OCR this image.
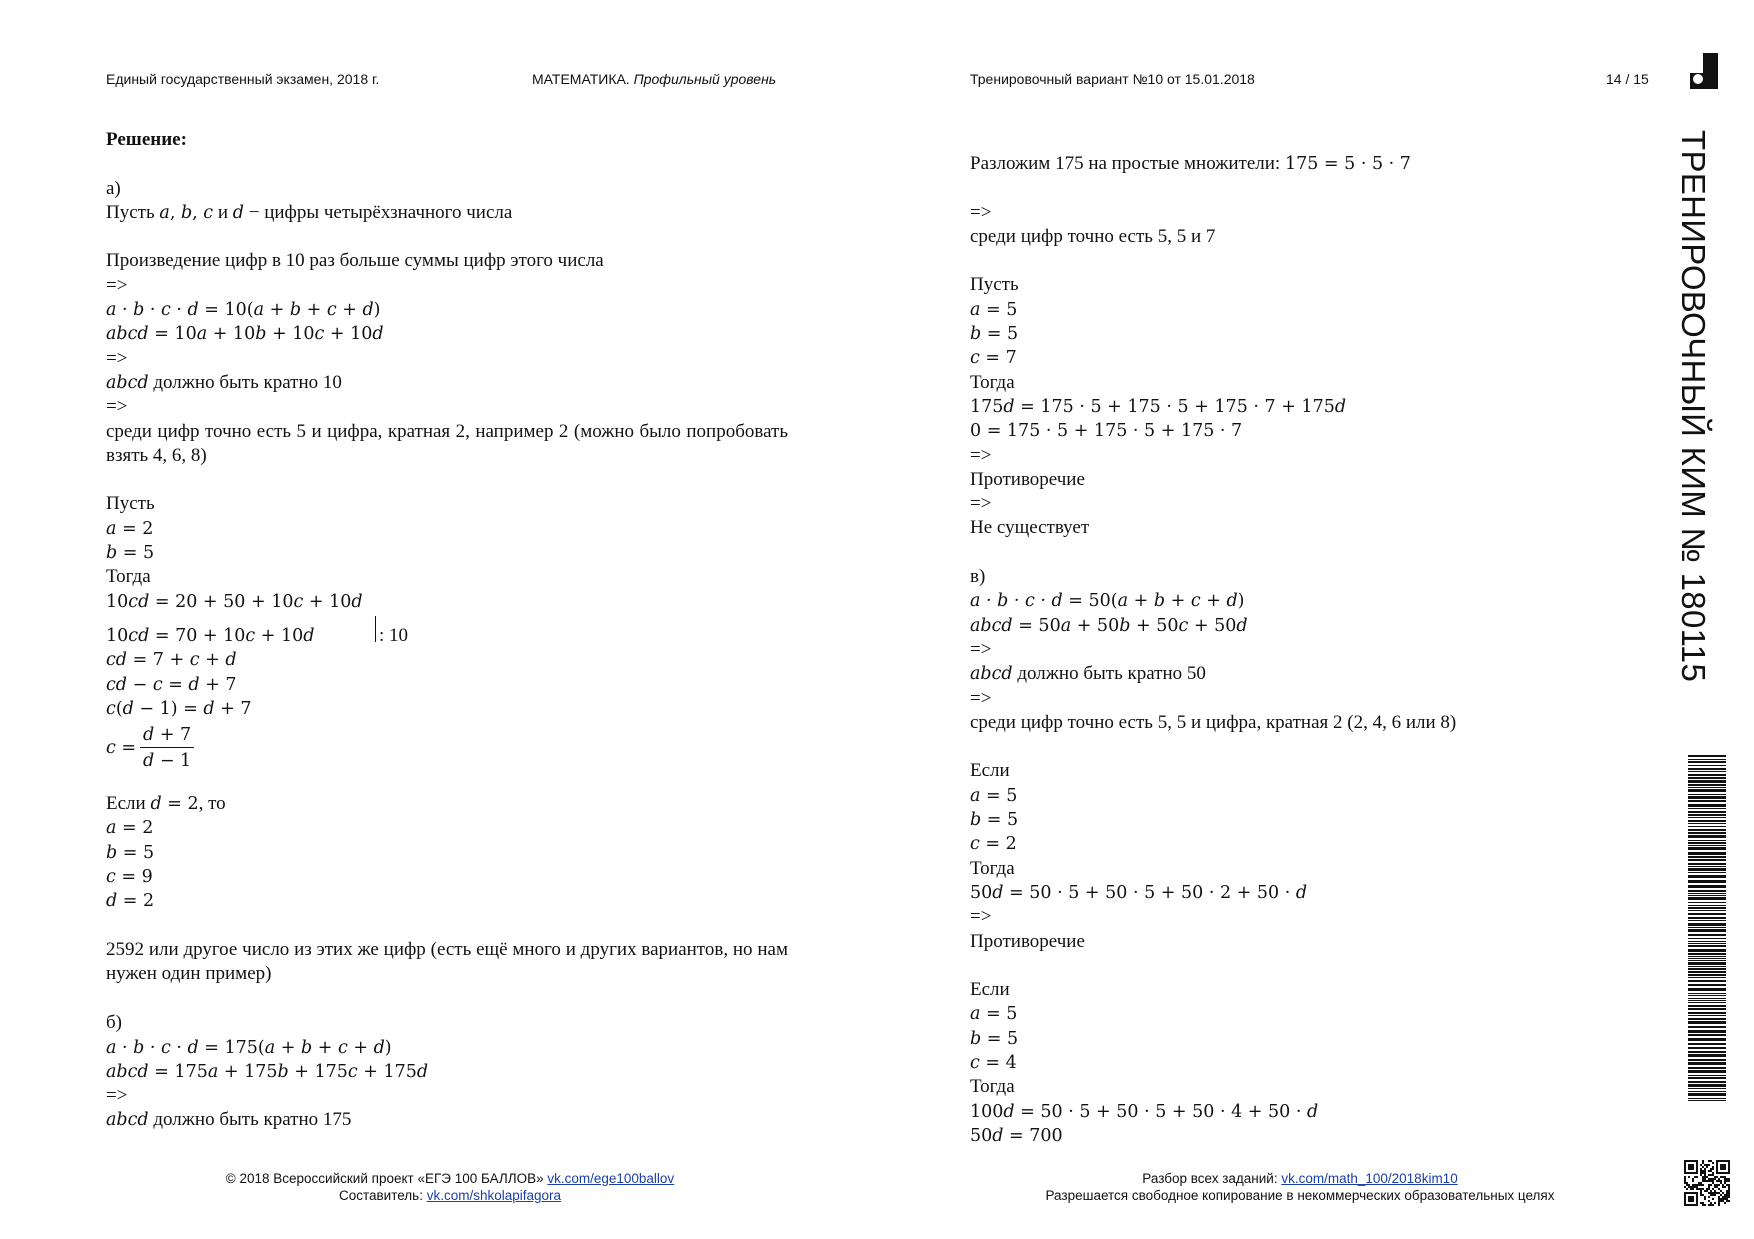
Единый государственный экзамен, 2018 г.	МАТЕМАТИКА. Профильный уровень	Тренировочный вариант №10 от 15.01.2018	14 / 15
ТРЕНИРОВОЧНЫЙ КИМ № 180115
Решение:
а)
Пусть a, b, c и d − цифры четырёхзначного числа
Произведение цифр в 10 раз больше суммы цифр этого числа
=>
a · b · c · d = 10(a + b + c + d)
abcd = 10a + 10b + 10c + 10d
=>
abcd должно быть кратно 10
=>
среди цифр точно есть 5 и цифра, кратная 2, например 2 (можно было попробовать взять 4, 6, 8)
Пусть
a = 2
b = 5
Тогда
10cd = 20 + 50 + 10c + 10d
10cd = 70 + 10c + 10d	: 10
cd = 7 + c + d
cd − c = d + 7
c(d − 1) = d + 7
$c = \frac{d + 7}{d - 1}$
Если d = 2, то
a = 2
b = 5
c = 9
d = 2
2592 или другое число из этих же цифр (есть ещё много и других вариантов, но нам нужен один пример)
б)
a · b · c · d = 175(a + b + c + d)
abcd = 175a + 175b + 175c + 175d
=>
abcd должно быть кратно 175
Разложим 175 на простые множители: 175 = 5 · 5 · 7
=>
среди цифр точно есть 5, 5 и 7
Пусть
a = 5
b = 5
c = 7
Тогда
175d = 175 · 5 + 175 · 5 + 175 · 7 + 175d
0 = 175 · 5 + 175 · 5 + 175 · 7
=>
Противоречие
=>
Не существует
в)
a · b · c · d = 50(a + b + c + d)
abcd = 50a + 50b + 50c + 50d
=>
abcd должно быть кратно 50
=>
среди цифр точно есть 5, 5 и цифра, кратная 2 (2, 4, 6 или 8)
Если
a = 5
b = 5
c = 2
Тогда
50d = 50 · 5 + 50 · 5 + 50 · 2 + 50 · d
=>
Противоречие
Если
a = 5
b = 5
c = 4
Тогда
100d = 50 · 5 + 50 · 5 + 50 · 4 + 50 · d
50d = 700
© 2018 Всероссийский проект «ЕГЭ 100 БАЛЛОВ» vk.com/ege100ballov
Составитель: vk.com/shkolapifagora
Разбор всех заданий: vk.com/math_100/2018kim10
Разрешается свободное копирование в некоммерческих образовательных целях
